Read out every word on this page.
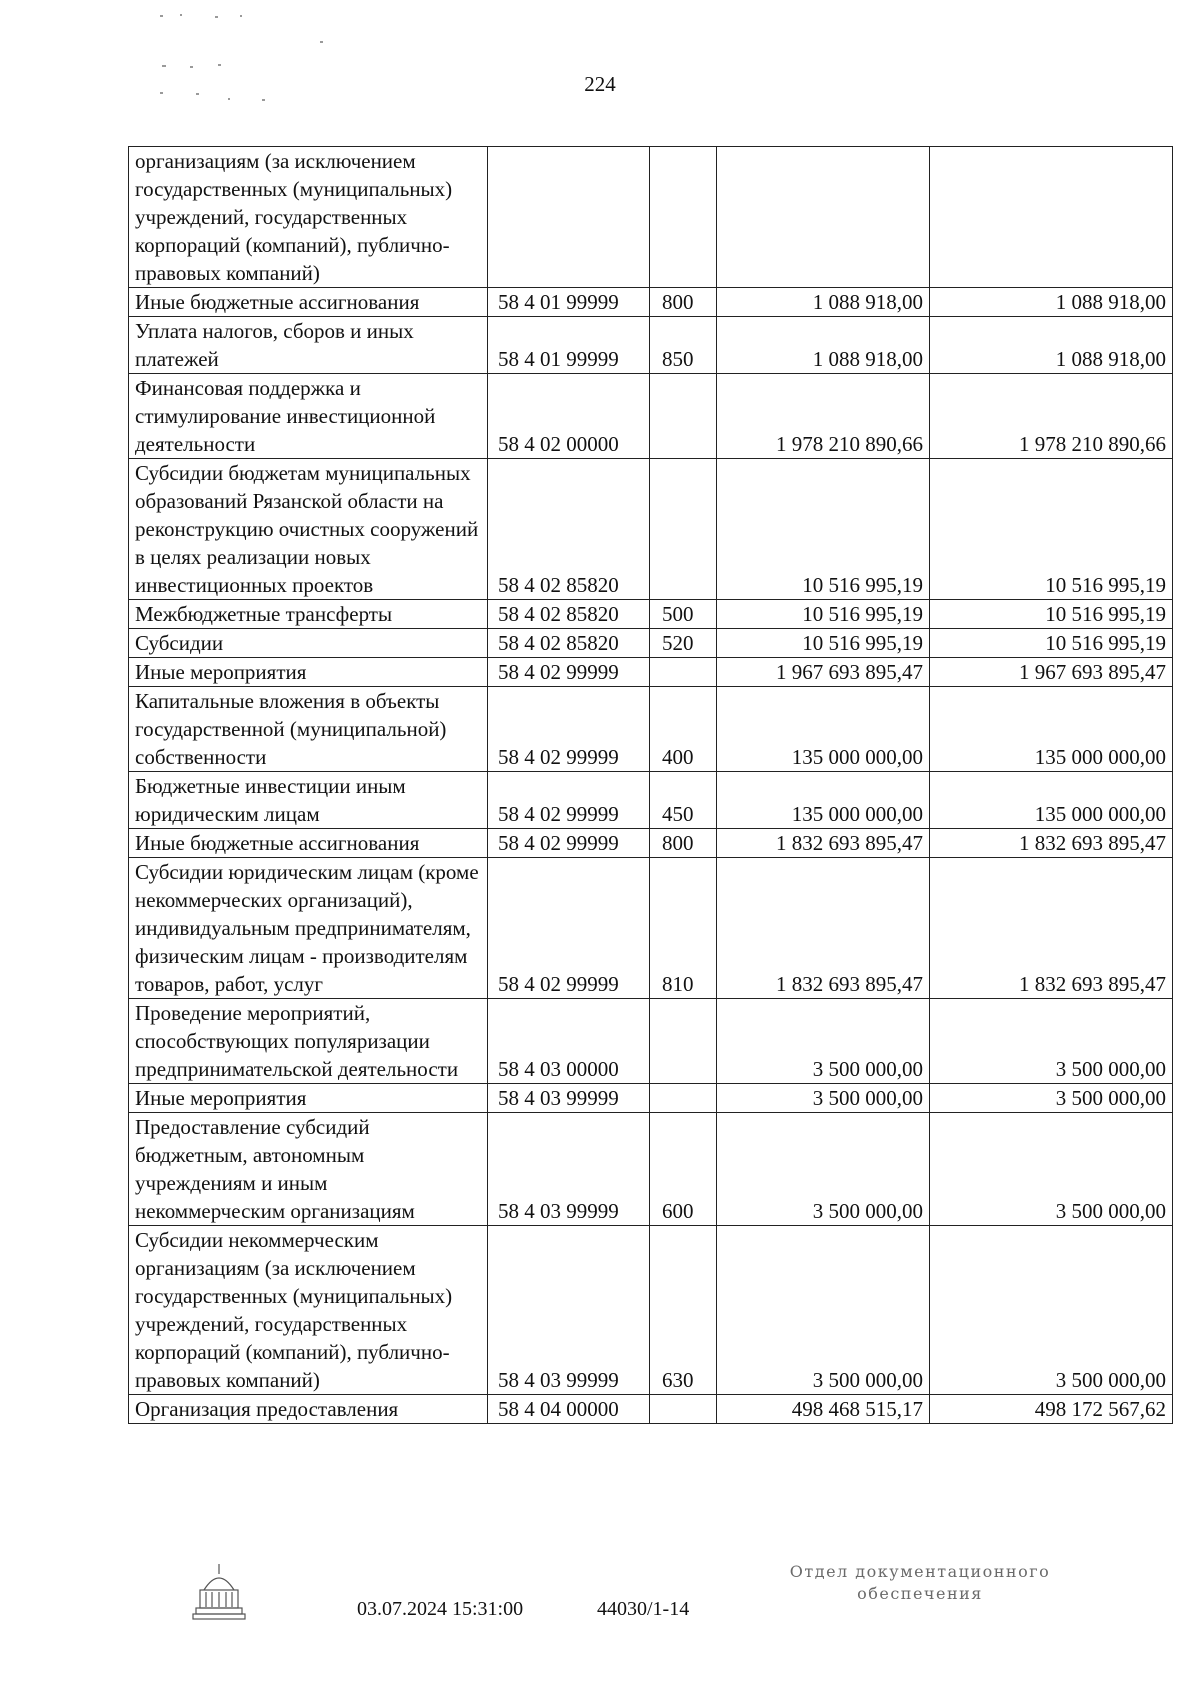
224
организациям (за исключением государственных (муниципальных) учреждений, государственных корпораций (компаний), публично-правовых компаний)				
Иные бюджетные ассигнования	58 4 01 99999	800	1 088 918,00	1 088 918,00
Уплата налогов, сборов и иных платежей	58 4 01 99999	850	1 088 918,00	1 088 918,00
Финансовая поддержка и стимулирование инвестиционной деятельности	58 4 02 00000		1 978 210 890,66	1 978 210 890,66
Субсидии бюджетам муниципальных образований Рязанской области на реконструкцию очистных сооружений в целях реализации новых инвестиционных проектов	58 4 02 85820		10 516 995,19	10 516 995,19
Межбюджетные трансферты	58 4 02 85820	500	10 516 995,19	10 516 995,19
Субсидии	58 4 02 85820	520	10 516 995,19	10 516 995,19
Иные мероприятия	58 4 02 99999		1 967 693 895,47	1 967 693 895,47
Капитальные вложения в объекты государственной (муниципальной) собственности	58 4 02 99999	400	135 000 000,00	135 000 000,00
Бюджетные инвестиции иным юридическим лицам	58 4 02 99999	450	135 000 000,00	135 000 000,00
Иные бюджетные ассигнования	58 4 02 99999	800	1 832 693 895,47	1 832 693 895,47
Субсидии юридическим лицам (кроме некоммерческих организаций), индивидуальным предпринимателям, физическим лицам - производителям товаров, работ, услуг	58 4 02 99999	810	1 832 693 895,47	1 832 693 895,47
Проведение мероприятий, способствующих популяризации предпринимательской деятельности	58 4 03 00000		3 500 000,00	3 500 000,00
Иные мероприятия	58 4 03 99999		3 500 000,00	3 500 000,00
Предоставление субсидий бюджетным, автономным учреждениям и иным некоммерческим организациям	58 4 03 99999	600	3 500 000,00	3 500 000,00
Субсидии некоммерческим организациям (за исключением государственных (муниципальных) учреждений, государственных корпораций (компаний), публично-правовых компаний)	58 4 03 99999	630	3 500 000,00	3 500 000,00
Организация предоставления	58 4 04 00000		498 468 515,17	498 172 567,62
03.07.2024 15:31:00	44030/1-14
Отдел документационного
обеспечения
